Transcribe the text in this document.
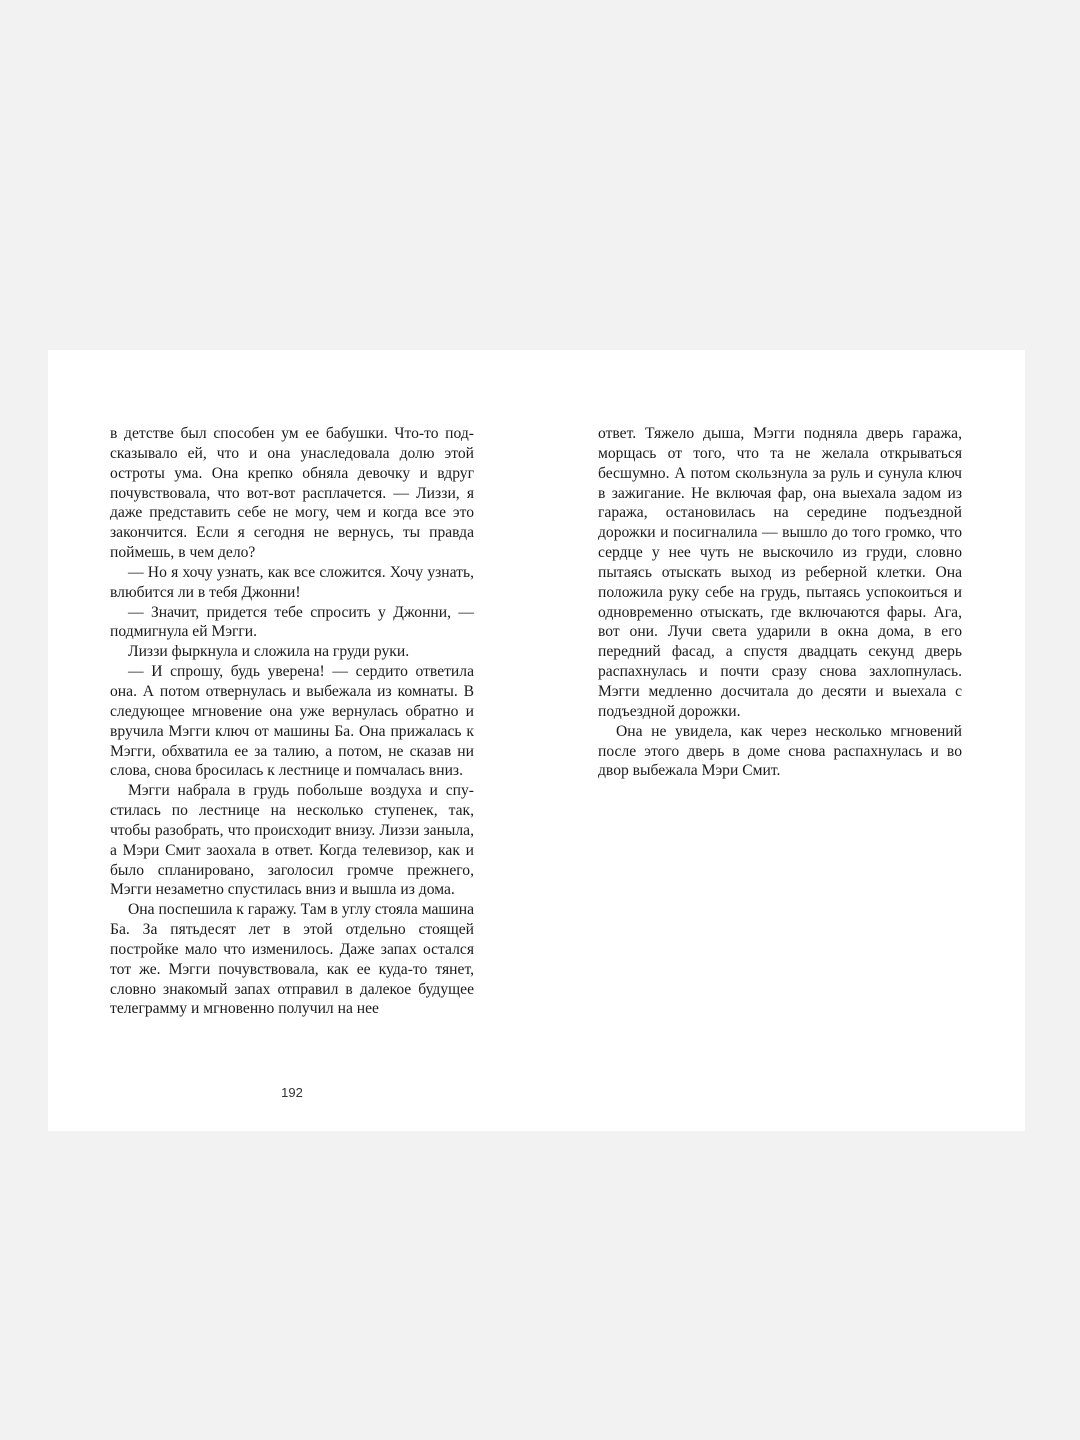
в детстве был способен ум ее бабушки. Что-то подсказывало ей, что и она унаследовала долю этой остроты ума. Она крепко обняла девочку и вдруг почувствовала, что вот-вот расплачется. — Лиззи, я даже представить себе не могу, чем и когда все это закончится. Если я сегодня не вернусь, ты правда поймешь, в чем дело?

— Но я хочу узнать, как все сложится. Хочу узнать, влюбится ли в тебя Джонни!

— Значит, придется тебе спросить у Джонни, — подмигнула ей Мэгги.

Лиззи фыркнула и сложила на груди руки.

— И спрошу, будь уверена! — сердито ответила она. А потом отвернулась и выбежала из комнаты. В следующее мгновение она уже вернулась обратно и вручила Мэгги ключ от машины Ба. Она прижалась к Мэгги, обхватила ее за талию, а потом, не сказав ни слова, снова бросилась к лестнице и помчалась вниз.

Мэгги набрала в грудь побольше воздуха и спустилась по лестнице на несколько ступенек, так, чтобы разобрать, что происходит внизу. Лиззи заныла, а Мэри Смит заохала в ответ. Когда телевизор, как и было спланировано, заголосил громче прежнего, Мэгги незаметно спустилась вниз и вышла из дома.

Она поспешила к гаражу. Там в углу стояла машина Ба. За пятьдесят лет в этой отдельно стоящей постройке мало что изменилось. Даже запах остался тот же. Мэгги почувствовала, как ее куда-то тянет, словно знакомый запах отправил в далекое будущее телеграмму и мгновенно получил на нее

192

ответ. Тяжело дыша, Мэгги подняла дверь гаража, морщась от того, что та не желала открываться бесшумно. А потом скользнула за руль и сунула ключ в зажигание. Не включая фар, она выехала задом из гаража, остановилась на середине подъездной дорожки и посигналила — вышло до того громко, что сердце у нее чуть не выскочило из груди, словно пытаясь отыскать выход из реберной клетки. Она положила руку себе на грудь, пытаясь успокоиться и одновременно отыскать, где включаются фары. Ага, вот они. Лучи света ударили в окна дома, в его передний фасад, а спустя двадцать секунд дверь распахнулась и почти сразу снова захлопнулась. Мэгги медленно досчитала до десяти и выехала с подъездной дорожки.

Она не увидела, как через несколько мгновений после этого дверь в доме снова распахнулась и во двор выбежала Мэри Смит.
